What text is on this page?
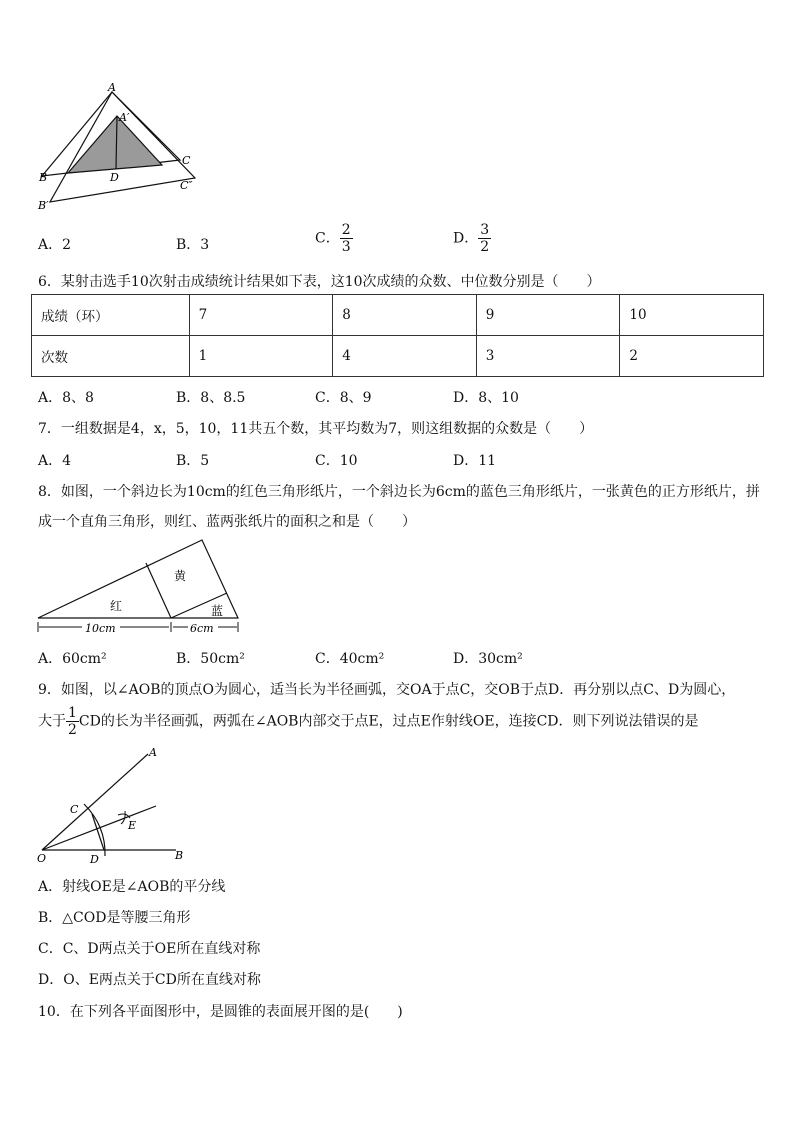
A
A′
B
B′
C
C″
D
A．2	B．3	C． $\frac{2}{3}$	D． $\frac{3}{2}$
6．某射击选手10次射击成绩统计结果如下表，这10次成绩的众数、中位数分别是（　　）
成绩（环）	7	8	9	10
次数	1	4	3	2
A．8、8	B．8、8.5	C．8、9	D．8、10
7．一组数据是4，x，5，10，11共五个数，其平均数为7，则这组数据的众数是（　　）
A．4	B．5	C．10	D．11
8．如图，一个斜边长为10cm的红色三角形纸片，一个斜边长为6cm的蓝色三角形纸片，一张黄色的正方形纸片，拼
成一个直角三角形，则红、蓝两张纸片的面积之和是（　　）
黄
红	蓝
10cm	6cm
A．60cm²	B．50cm²	C．40cm²	D．30cm²
9．如图，以∠AOB的顶点O为圆心，适当长为半径画弧，交OA于点C，交OB于点D．再分别以点C、D为圆心，
大于 $\frac{1}{2}$ CD的长为半径画弧，两弧在∠AOB内部交于点E，过点E作射线OE，连接CD．则下列说法错误的是
A
B
C
D
E
O
A．射线OE是∠AOB的平分线
B．△COD是等腰三角形
C．C、D两点关于OE所在直线对称
D．O、E两点关于CD所在直线对称
10．在下列各平面图形中，是圆锥的表面展开图的是(　　)
